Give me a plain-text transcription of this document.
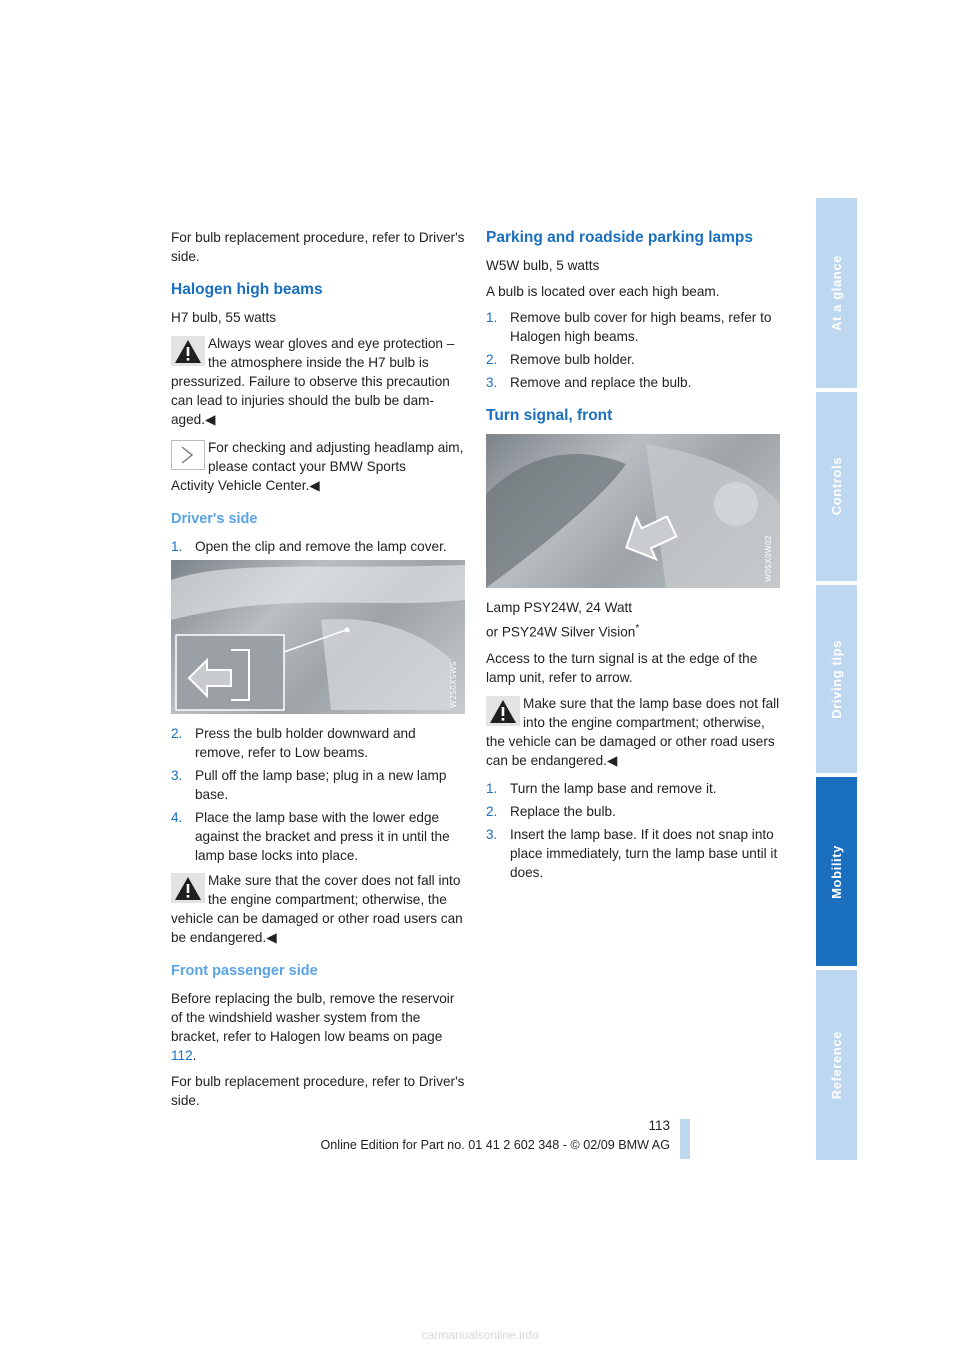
For bulb replacement procedure, refer to Driver's side.

Halogen high beams

H7 bulb, 55 watts

Always wear gloves and eye protection – the atmosphere inside the H7 bulb is
pressurized. Failure to observe this precaution can lead to injuries should the bulb be dam-aged.◀
For checking and adjusting headlamp aim, please contact your BMW Sports
Activity Vehicle Center.◀
Driver's side
1. Open the clip and remove the lamp cover.
W250X5W5
2. Press the bulb holder downward and remove, refer to Low beams.
3. Pull off the lamp base; plug in a new lamp base.
4. Place the lamp base with the lower edge against the bracket and press it in until the lamp base locks into place.
Make sure that the cover does not fall into the engine compartment; otherwise, the
vehicle can be damaged or other road users can be endangered.◀
Front passenger side

Before replacing the bulb, remove the reservoir of the windshield washer system from the bracket, refer to Halogen low beams on page 112.

For bulb replacement procedure, refer to Driver's side.

Parking and roadside parking lamps

W5W bulb, 5 watts

A bulb is located over each high beam.

1. Remove bulb cover for high beams, refer to Halogen high beams.
2. Remove bulb holder.
3. Remove and replace the bulb.
Turn signal, front
W05X0W02

Lamp PSY24W, 24 Watt

or PSY24W Silver Vision*

Access to the turn signal is at the edge of the lamp unit, refer to arrow.

Make sure that the lamp base does not fall into the engine compartment; otherwise,
the vehicle can be damaged or other road users can be endangered.◀
1. Turn the lamp base and remove it.
2. Replace the bulb.
3. Insert the lamp base. If it does not snap into place immediately, turn the lamp base until it does.
At a glance
Controls
Driving tips
Mobility
Reference
113
Online Edition for Part no. 01 41 2 602 348 - © 02/09 BMW AG
carmanualsonline.info
